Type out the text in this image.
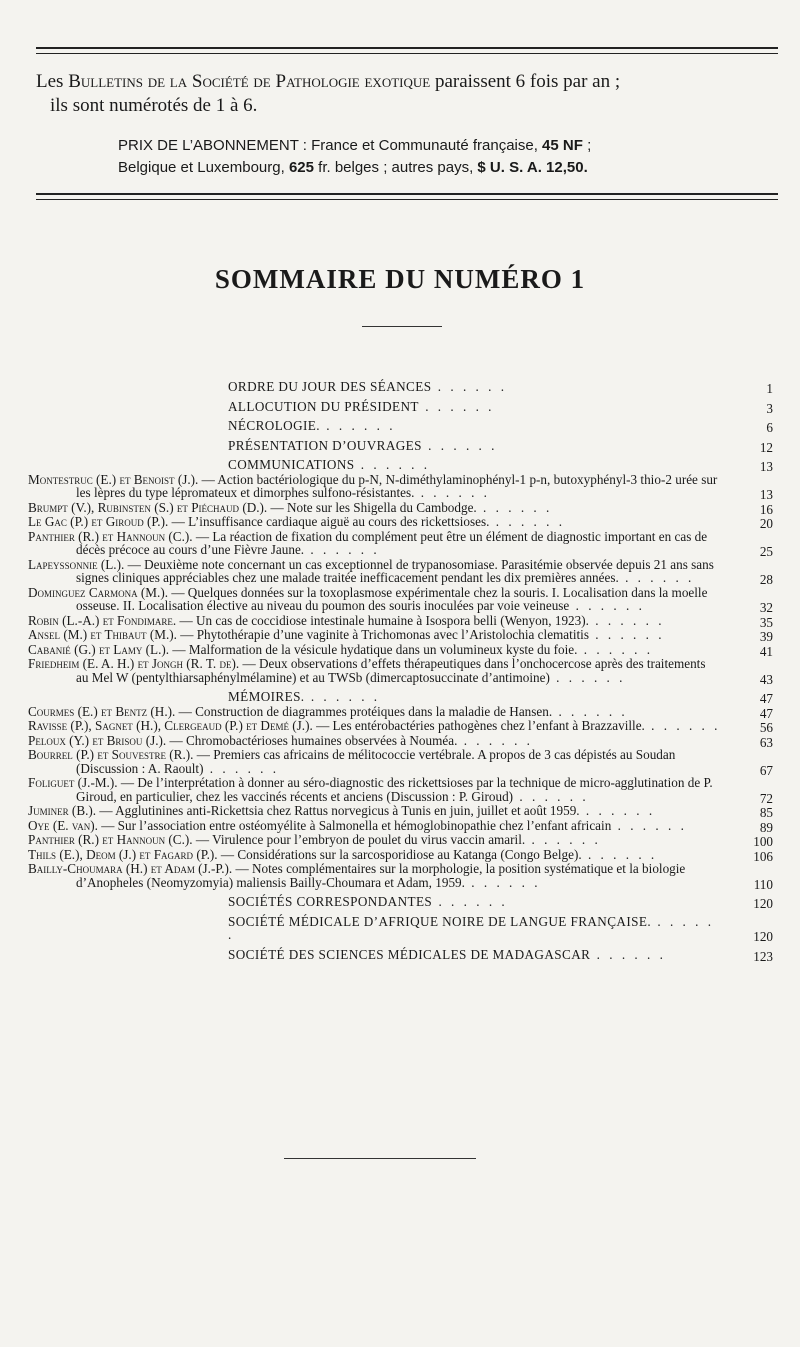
Les Bulletins de la Société de Pathologie exotique paraissent 6 fois par an ;
ils sont numérotés de 1 à 6.
PRIX DE L’ABONNEMENT : France et Communauté française, 45 NF ;
Belgique et Luxembourg, 625 fr. belges ; autres pays, $ U. S. A. 12,50.
SOMMAIRE DU NUMÉRO 1
ORDRE DU JOUR DES SÉANCES . . . . . .	1
ALLOCUTION DU PRÉSIDENT . . . . . .	3
NÉCROLOGIE. . . . . . .	6
PRÉSENTATION D’OUVRAGES . . . . . .	12
COMMUNICATIONS . . . . . .	13
Montestruc (E.) et Benoist (J.). — Action bactériologique du p-N, N-diméthylaminophényl-1 p-n, butoxyphényl-3 thio-2 urée sur les lèpres du type lépromateux et dimorphes sulfono-résistantes. . . . . . .	13
Brumpt (V.), Rubinsten (S.) et Piéchaud (D.). — Note sur les Shigella du Cambodge. . . . . . .	16
Le Gac (P.) et Giroud (P.). — L’insuffisance cardiaque aiguë au cours des rickettsioses. . . . . . .	20
Panthier (R.) et Hannoun (C.). — La réaction de fixation du complément peut être un élément de diagnostic important en cas de décès précoce au cours d’une Fièvre Jaune. . . . . . .	25
Lapeyssonnie (L.). — Deuxième note concernant un cas exceptionnel de trypanosomiase. Parasitémie observée depuis 21 ans sans signes cliniques appréciables chez une malade traitée inefficacement pendant les dix premières années. . . . . . .	28
Dominguez Carmona (M.). — Quelques données sur la toxoplasmose expérimentale chez la souris. I. Localisation dans la moelle osseuse. II. Localisation élective au niveau du poumon des souris inoculées par voie veineuse . . . . . .	32
Robin (L.-A.) et Fondimare. — Un cas de coccidiose intestinale humaine à Isospora belli (Wenyon, 1923). . . . . . .	35
Ansel (M.) et Thibaut (M.). — Phytothérapie d’une vaginite à Trichomonas avec l’Aristolochia clematitis . . . . . .	39
Cabanié (G.) et Lamy (L.). — Malformation de la vésicule hydatique dans un volumineux kyste du foie. . . . . . .	41
Friedheim (E. A. H.) et Jongh (R. T. de). — Deux observations d’effets thérapeutiques dans l’onchocercose après des traitements au Mel W (pentylthiarsaphénylmélamine) et au TWSb (dimercaptosuccinate d’antimoine) . . . . . .	43
MÉMOIRES. . . . . . .	47
Courmes (E.) et Bentz (H.). — Construction de diagrammes protéiques dans la maladie de Hansen. . . . . . .	47
Ravisse (P.), Sagnet (H.), Clergeaud (P.) et Demé (J.). — Les entérobactéries pathogènes chez l’enfant à Brazzaville. . . . . . .	56
Peloux (Y.) et Brisou (J.). — Chromobactérioses humaines observées à Nouméa. . . . . . .	63
Bourrel (P.) et Souvestre (R.). — Premiers cas africains de mélitococcie vertébrale. A propos de 3 cas dépistés au Soudan (Discussion : A. Raoult) . . . . . .	67
Foliguet (J.-M.). — De l’interprétation à donner au séro-diagnostic des rickettsioses par la technique de micro-agglutination de P. Giroud, en particulier, chez les vaccinés récents et anciens (Discussion : P. Giroud) . . . . . .	72
Juminer (B.). — Agglutinines anti-Rickettsia chez Rattus norvegicus à Tunis en juin, juillet et août 1959. . . . . . .	85
Oye (E. van). — Sur l’association entre ostéomyélite à Salmonella et hémoglobinopathie chez l’enfant africain . . . . . .	89
Panthier (R.) et Hannoun (C.). — Virulence pour l’embryon de poulet du virus vaccin amaril. . . . . . .	100
Thils (E.), Deom (J.) et Fagard (P.). — Considérations sur la sarcosporidiose au Katanga (Congo Belge). . . . . . .	106
Bailly-Choumara (H.) et Adam (J.-P.). — Notes complémentaires sur la morphologie, la position systématique et la biologie d’Anopheles (Neomyzomyia) maliensis Bailly-Choumara et Adam, 1959. . . . . . .	110
SOCIÉTÉS CORRESPONDANTES . . . . . .	120
SOCIÉTÉ MÉDICALE D’AFRIQUE NOIRE DE LANGUE FRANÇAISE. . . . . . .	120
SOCIÉTÉ DES SCIENCES MÉDICALES DE MADAGASCAR . . . . . .	123
